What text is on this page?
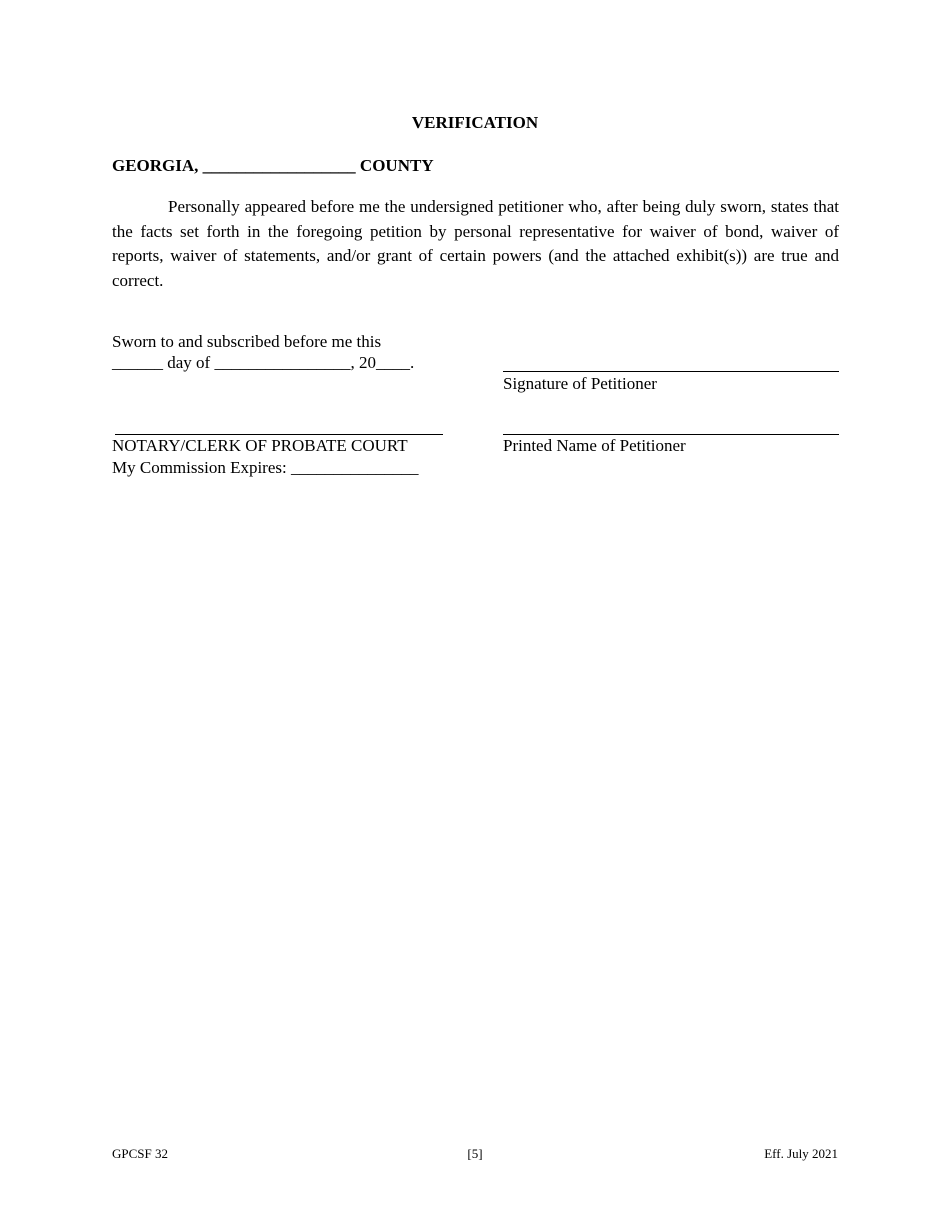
VERIFICATION
GEORGIA, __________________ COUNTY

Personally appeared before me the undersigned petitioner who, after being duly sworn, states that the facts set forth in the foregoing petition by personal representative for waiver of bond, waiver of reports, waiver of statements, and/or grant of certain powers (and the attached exhibit(s)) are true and correct.

Sworn to and subscribed before me this
______ day of ________________, 20____.
Signature of Petitioner
NOTARY/CLERK OF PROBATE COURT	Printed Name of Petitioner
My Commission Expires: _______________
GPCSF 32	[5]	Eff. July 2021
